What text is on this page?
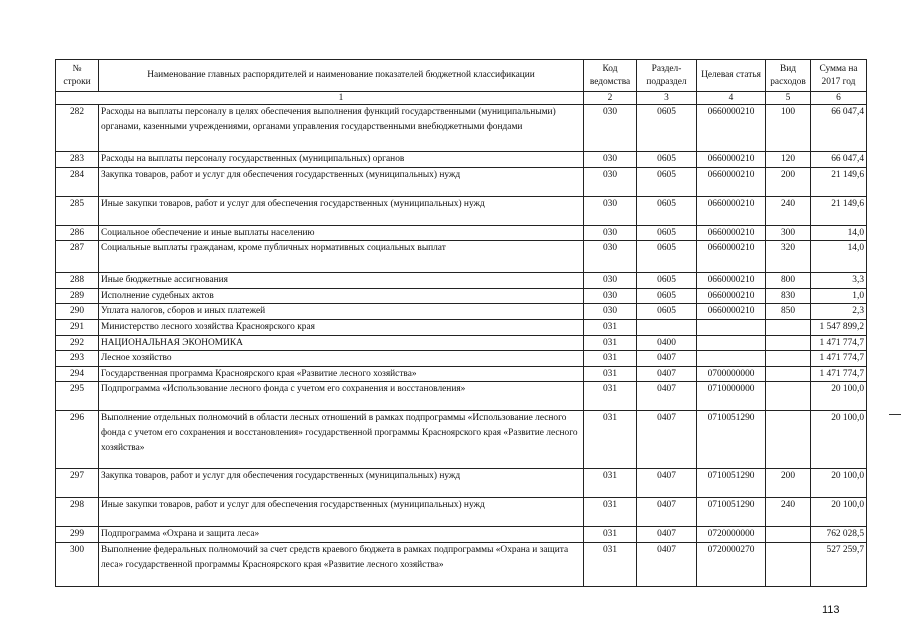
№ строки	Наименование главных распорядителей и наименование показателей бюджетной классификации	Код ведомства	Раздел-подраздел	Целевая статья	Вид расходов	Сумма на 2017 год
1		2	3	4	5	6
282	Расходы на выплаты персоналу в целях обеспечения выполнения функций государственными (муниципальными) органами, казенными учреждениями, органами управления государственными внебюджетными фондами	030	0605	0660000210	100	66 047,4
283	Расходы на выплаты персоналу государственных (муниципальных) органов	030	0605	0660000210	120	66 047,4
284	Закупка товаров, работ и услуг для обеспечения государственных (муниципальных) нужд	030	0605	0660000210	200	21 149,6
285	Иные закупки товаров, работ и услуг для обеспечения государственных (муниципальных) нужд	030	0605	0660000210	240	21 149,6
286	Социальное обеспечение и иные выплаты населению	030	0605	0660000210	300	14,0
287	Социальные выплаты гражданам, кроме публичных нормативных социальных выплат	030	0605	0660000210	320	14,0
288	Иные бюджетные ассигнования	030	0605	0660000210	800	3,3
289	Исполнение судебных актов	030	0605	0660000210	830	1,0
290	Уплата налогов, сборов и иных платежей	030	0605	0660000210	850	2,3
291	Министерство лесного хозяйства Красноярского края	031				1 547 899,2
292	НАЦИОНАЛЬНАЯ ЭКОНОМИКА	031	0400			1 471 774,7
293	Лесное хозяйство	031	0407			1 471 774,7
294	Государственная программа Красноярского края «Развитие лесного хозяйства»	031	0407	0700000000		1 471 774,7
295	Подпрограмма «Использование лесного фонда с учетом его сохранения и восстановления»	031	0407	0710000000		20 100,0
296	Выполнение отдельных полномочий в области лесных отношений в рамках подпрограммы «Использование лесного фонда с учетом его сохранения и восстановления» государственной программы Красноярского края «Развитие лесного хозяйства»	031	0407	0710051290		20 100,0
297	Закупка товаров, работ и услуг для обеспечения государственных (муниципальных) нужд	031	0407	0710051290	200	20 100,0
298	Иные закупки товаров, работ и услуг для обеспечения государственных (муниципальных) нужд	031	0407	0710051290	240	20 100,0
299	Подпрограмма «Охрана и защита леса»	031	0407	0720000000		762 028,5
300	Выполнение федеральных полномочий за счет средств краевого бюджета в рамках подпрограммы «Охрана и защита леса» государственной программы Красноярского края «Развитие лесного хозяйства»	031	0407	0720000270		527 259,7
113
